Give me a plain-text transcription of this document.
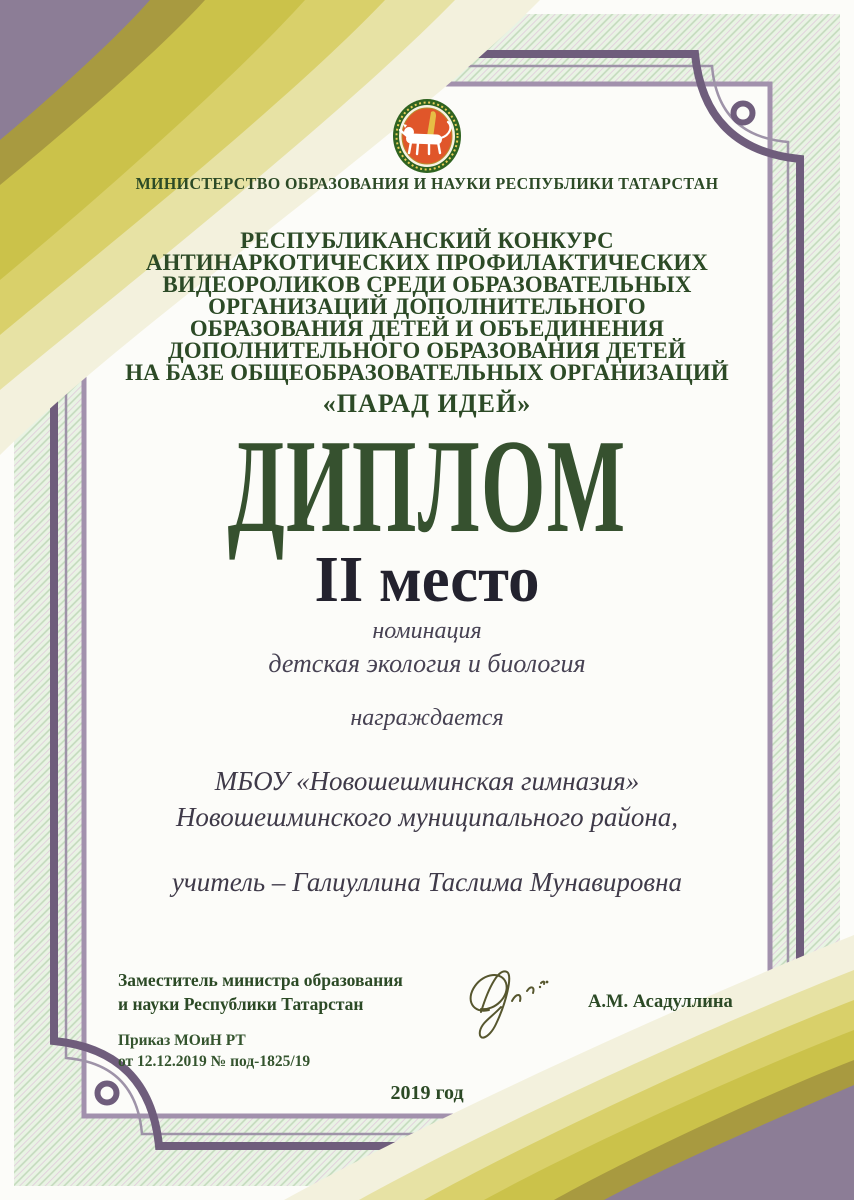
МИНИСТЕРСТВО ОБРАЗОВАНИЯ И НАУКИ РЕСПУБЛИКИ ТАТАРСТАН
РЕСПУБЛИКАНСКИЙ КОНКУРС
АНТИНАРКОТИЧЕСКИХ ПРОФИЛАКТИЧЕСКИХ
ВИДЕОРОЛИКОВ СРЕДИ ОБРАЗОВАТЕЛЬНЫХ
ОРГАНИЗАЦИЙ ДОПОЛНИТЕЛЬНОГО
ОБРАЗОВАНИЯ ДЕТЕЙ И ОБЪЕДИНЕНИЯ
ДОПОЛНИТЕЛЬНОГО ОБРАЗОВАНИЯ ДЕТЕЙ
НА БАЗЕ ОБЩЕОБРАЗОВАТЕЛЬНЫХ ОРГАНИЗАЦИЙ
«ПАРАД ИДЕЙ»
ДИПЛОМ
II место
номинация
детская экология и биология
награждается
МБОУ «Новошешминская гимназия»
Новошешминского муниципального района,
учитель – Галиуллина Таслима Мунавировна
Заместитель министра образования
и науки Республики Татарстан	А.М. Асадуллина
Приказ МОиН РТ
от 12.12.2019 № под-1825/19
2019 год
